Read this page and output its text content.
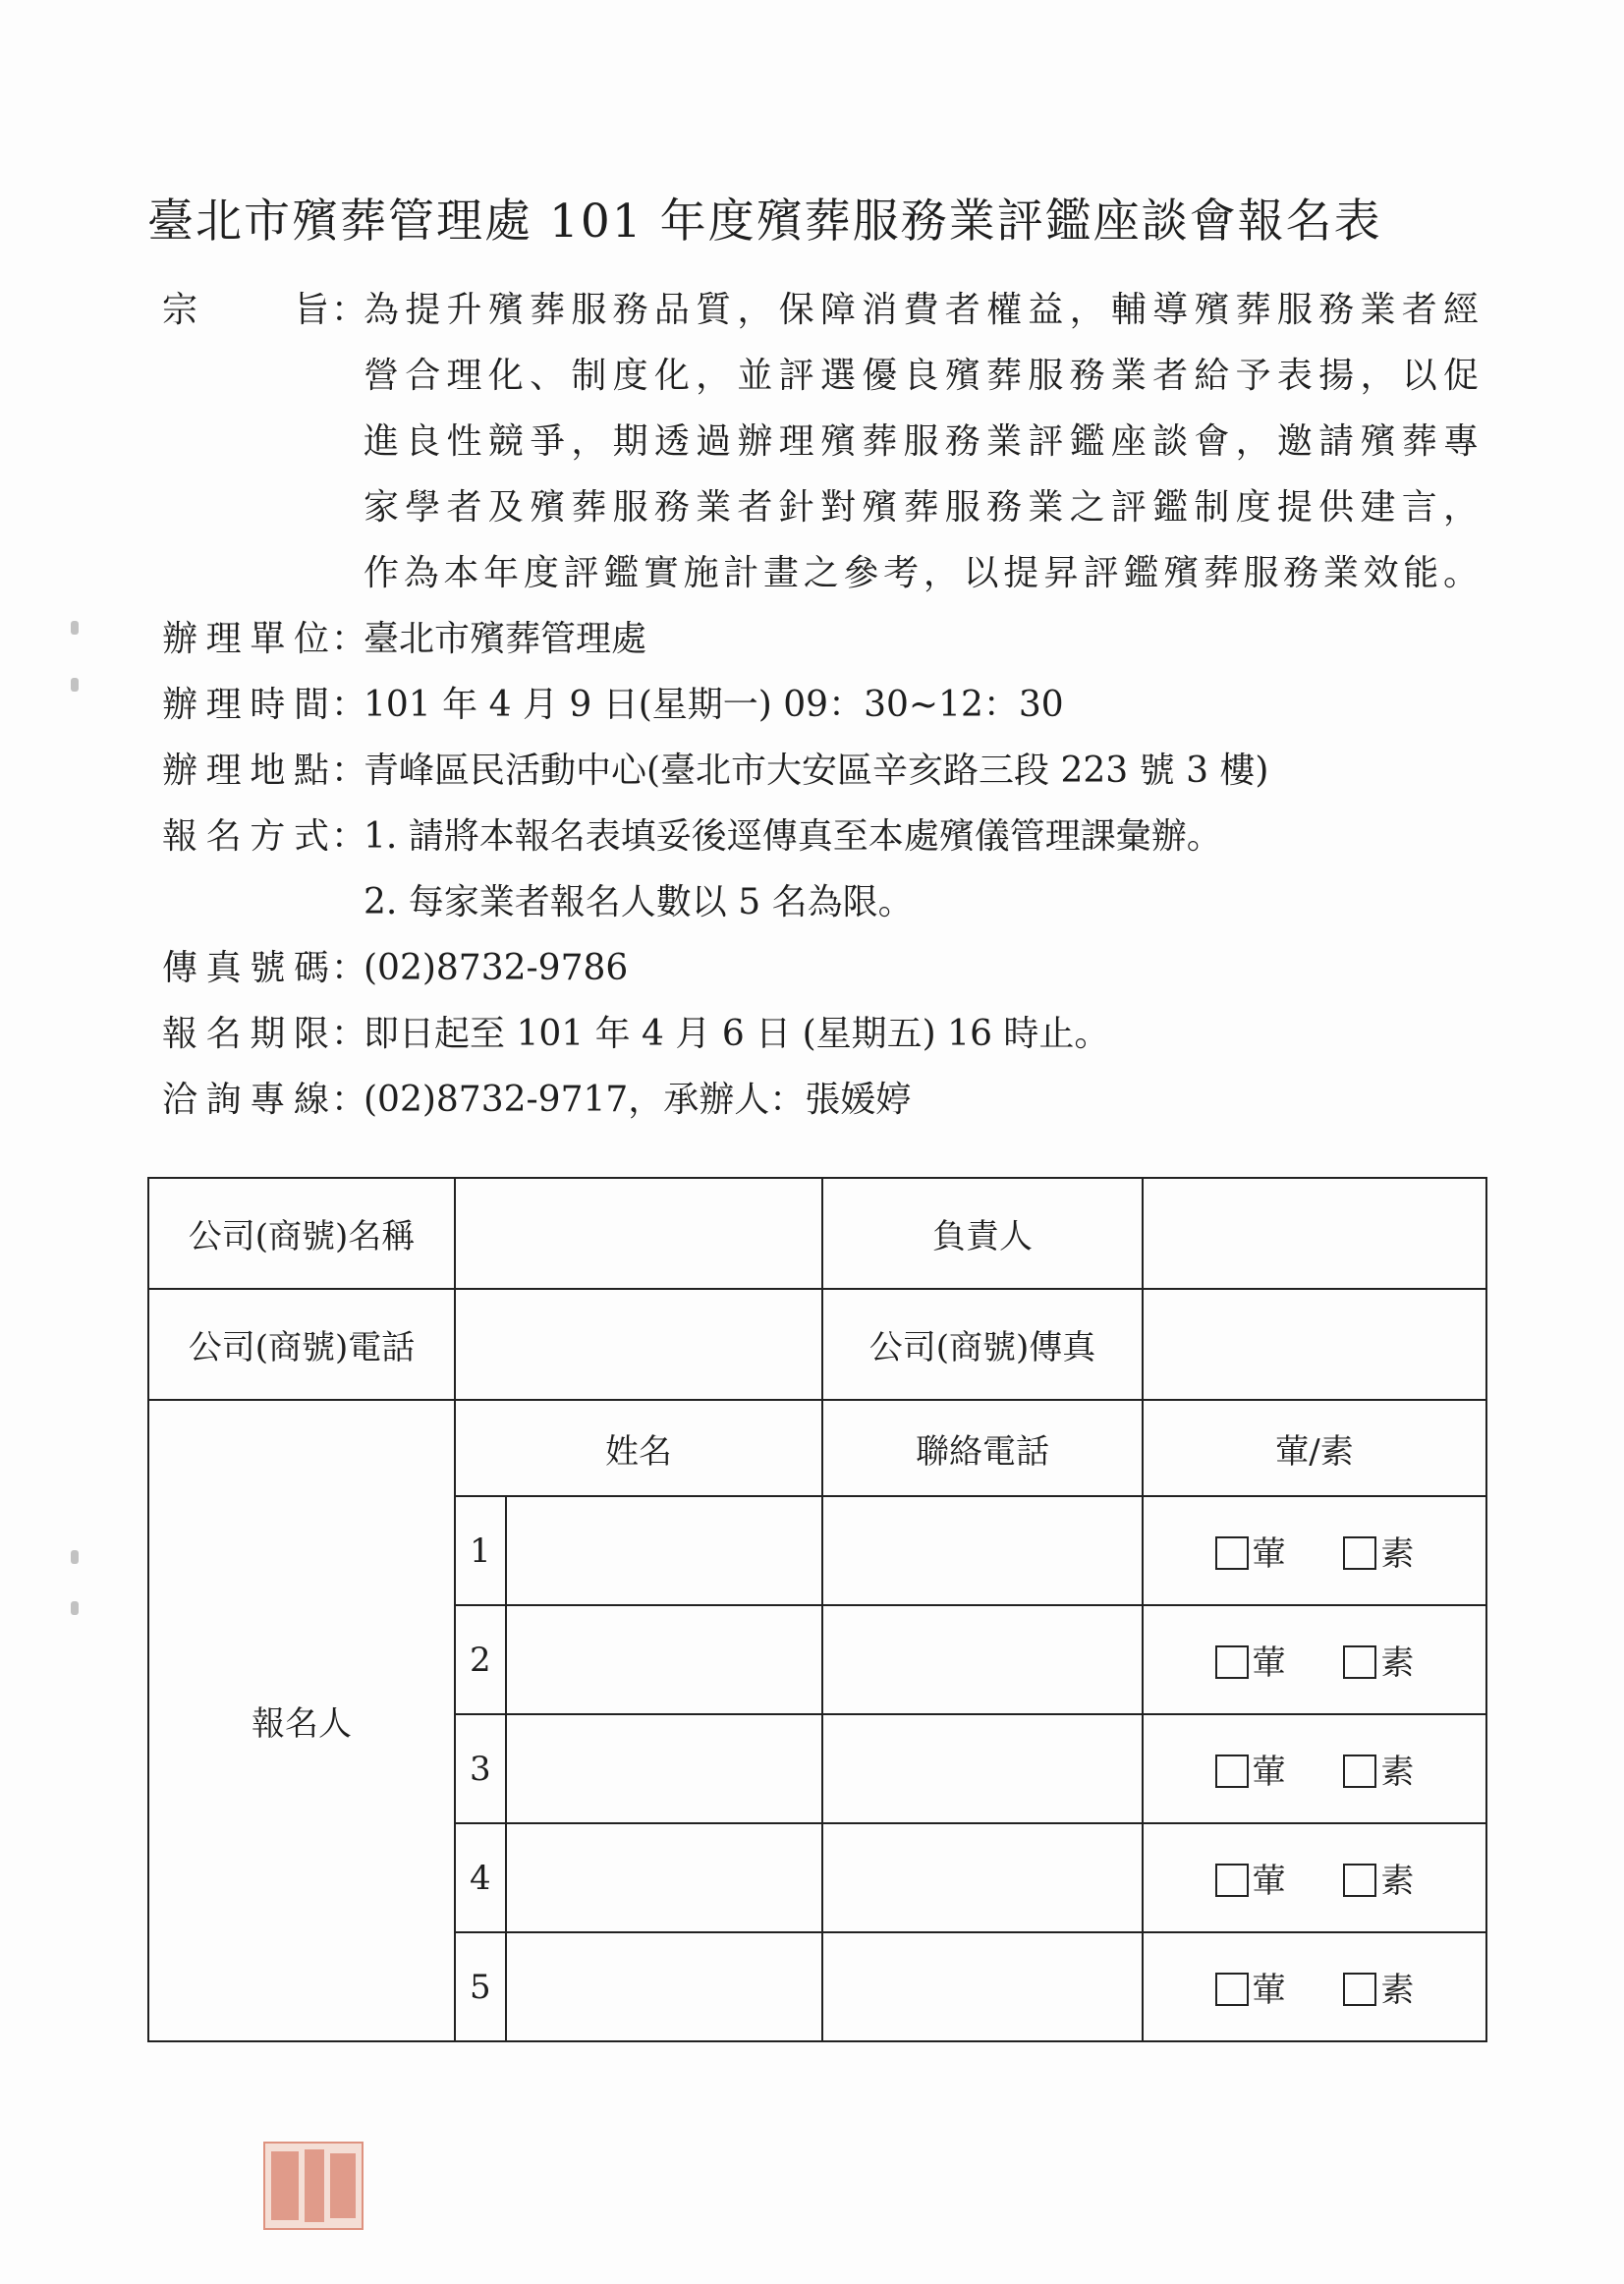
臺北市殯葬管理處 101 年度殯葬服務業評鑑座談會報名表
宗旨 ：
為提升殯葬服務品質，保障消費者權益，輔導殯葬服務業者經
營合理化、制度化，並評選優良殯葬服務業者給予表揚，以促
進良性競爭，期透過辦理殯葬服務業評鑑座談會，邀請殯葬專
家學者及殯葬服務業者針對殯葬服務業之評鑑制度提供建言，
作為本年度評鑑實施計畫之參考，以提昇評鑑殯葬服務業效能。
辦理單位 ：
臺北市殯葬管理處
辦理時間 ：
101 年 4 月 9 日(星期一) 09：30~12：30
辦理地點 ：
青峰區民活動中心(臺北市大安區辛亥路三段 223 號 3 樓)
報名方式 ：
1. 請將本報名表填妥後逕傳真至本處殯儀管理課彙辦。
2. 每家業者報名人數以 5 名為限。
傳真號碼 ：
(02)8732-9786
報名期限 ：
即日起至 101 年 4 月 6 日 (星期五) 16 時止。
洽詢專線 ：
(02)8732-9717，承辦人：張媛婷
公司(商號)名稱			負責人	
公司(商號)電話			公司(商號)傳真	
報名人	姓名		聯絡電話	葷/素
	1			葷 素
	2			葷 素
	3			葷 素
	4			葷 素
	5			葷 素
